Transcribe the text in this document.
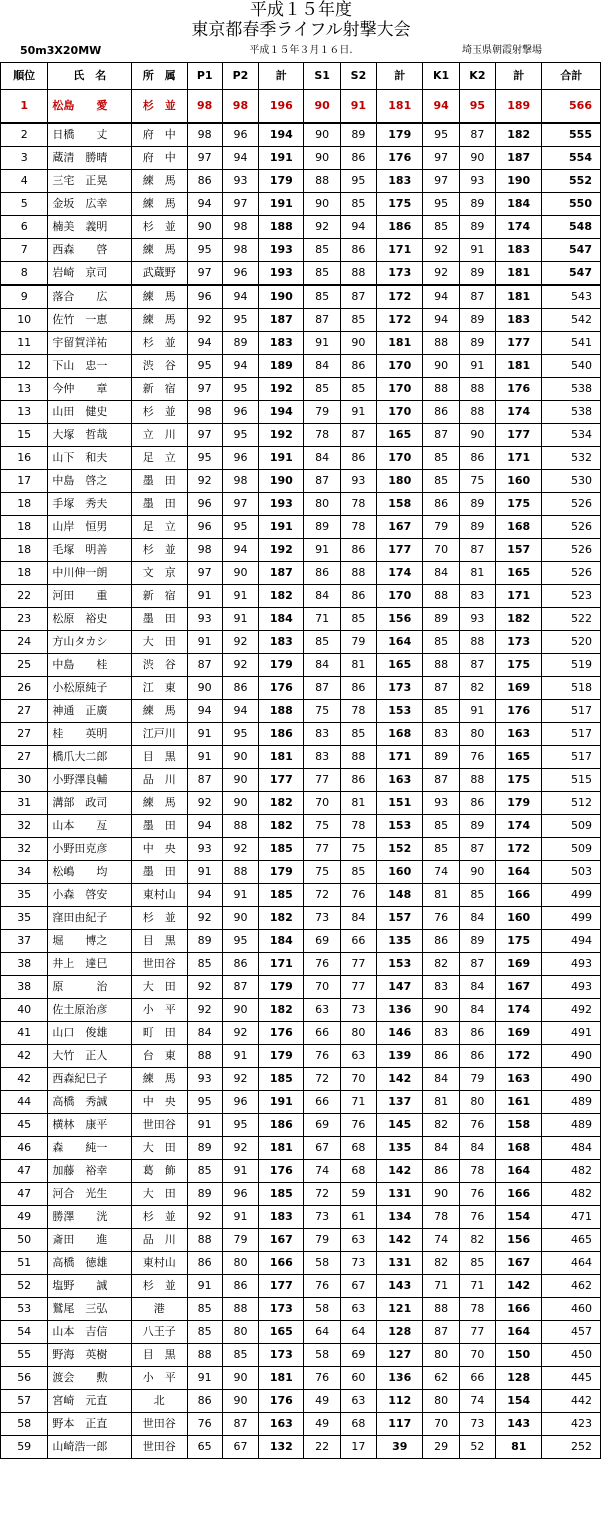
平成１５年度
東京都春季ライフル射撃大会
50m3X20MW	平成１５年３月１６日.	埼玉県朝霞射撃場
順位	氏　名	所　属	P1	P2	計	S1	S2	計	K1	K2	計	合計
1	松島　　愛	杉　並	98	98	196	90	91	181	94	95	189	566
2	日橋　　丈	府　中	98	96	194	90	89	179	95	87	182	555
3	蔵清　勝晴	府　中	97	94	191	90	86	176	97	90	187	554
4	三宅　正晃	練　馬	86	93	179	88	95	183	97	93	190	552
5	金坂　広幸	練　馬	94	97	191	90	85	175	95	89	184	550
6	楠美　義明	杉　並	90	98	188	92	94	186	85	89	174	548
7	西森　　啓	練　馬	95	98	193	85	86	171	92	91	183	547
8	岩崎　京司	武蔵野	97	96	193	85	88	173	92	89	181	547
9	落合　　広	練　馬	96	94	190	85	87	172	94	87	181	543
10	佐竹　一恵	練　馬	92	95	187	87	85	172	94	89	183	542
11	宇留賀洋祐	杉　並	94	89	183	91	90	181	88	89	177	541
12	下山　忠一	渋　谷	95	94	189	84	86	170	90	91	181	540
13	今仲　　章	新　宿	97	95	192	85	85	170	88	88	176	538
13	山田　健史	杉　並	98	96	194	79	91	170	86	88	174	538
15	大塚　哲哉	立　川	97	95	192	78	87	165	87	90	177	534
16	山下　和夫	足　立	95	96	191	84	86	170	85	86	171	532
17	中島　啓之	墨　田	92	98	190	87	93	180	85	75	160	530
18	手塚　秀夫	墨　田	96	97	193	80	78	158	86	89	175	526
18	山岸　恒男	足　立	96	95	191	89	78	167	79	89	168	526
18	毛塚　明善	杉　並	98	94	192	91	86	177	70	87	157	526
18	中川伸一朗	文　京	97	90	187	86	88	174	84	81	165	526
22	河田　　重	新　宿	91	91	182	84	86	170	88	83	171	523
23	松原　裕史	墨　田	93	91	184	71	85	156	89	93	182	522
24	方山タカシ	大　田	91	92	183	85	79	164	85	88	173	520
25	中島　　桂	渋　谷	87	92	179	84	81	165	88	87	175	519
26	小松原純子	江　東	90	86	176	87	86	173	87	82	169	518
27	神通　正廣	練　馬	94	94	188	75	78	153	85	91	176	517
27	桂　　英明	江戸川	91	95	186	83	85	168	83	80	163	517
27	橋爪大二郎	目　黒	91	90	181	83	88	171	89	76	165	517
30	小野澤良輔	品　川	87	90	177	77	86	163	87	88	175	515
31	溝部　政司	練　馬	92	90	182	70	81	151	93	86	179	512
32	山本　　亙	墨　田	94	88	182	75	78	153	85	89	174	509
32	小野田克彦	中　央	93	92	185	77	75	152	85	87	172	509
34	松嶋　　均	墨　田	91	88	179	75	85	160	74	90	164	503
35	小森　啓安	東村山	94	91	185	72	76	148	81	85	166	499
35	窪田由紀子	杉　並	92	90	182	73	84	157	76	84	160	499
37	堀　　博之	目　黒	89	95	184	69	66	135	86	89	175	494
38	井上　達巳	世田谷	85	86	171	76	77	153	82	87	169	493
38	原　　　治	大　田	92	87	179	70	77	147	83	84	167	493
40	佐土原治彦	小　平	92	90	182	63	73	136	90	84	174	492
41	山口　俊雄	町　田	84	92	176	66	80	146	83	86	169	491
42	大竹　正人	台　東	88	91	179	76	63	139	86	86	172	490
42	西森紀巳子	練　馬	93	92	185	72	70	142	84	79	163	490
44	高橋　秀誠	中　央	95	96	191	66	71	137	81	80	161	489
45	横林　康平	世田谷	91	95	186	69	76	145	82	76	158	489
46	森　　純一	大　田	89	92	181	67	68	135	84	84	168	484
47	加藤　裕幸	葛　飾	85	91	176	74	68	142	86	78	164	482
47	河合　光生	大　田	89	96	185	72	59	131	90	76	166	482
49	勝澤　　洸	杉　並	92	91	183	73	61	134	78	76	154	471
50	斎田　　進	品　川	88	79	167	79	63	142	74	82	156	465
51	高橋　徳雄	東村山	86	80	166	58	73	131	82	85	167	464
52	塩野　　誠	杉　並	91	86	177	76	67	143	71	71	142	462
53	鷲尾　三弘	港	85	88	173	58	63	121	88	78	166	460
54	山本　吉信	八王子	85	80	165	64	64	128	87	77	164	457
55	野海　英樹	目　黒	88	85	173	58	69	127	80	70	150	450
56	渡会　　勲	小　平	91	90	181	76	60	136	62	66	128	445
57	宮崎　元直	北	86	90	176	49	63	112	80	74	154	442
58	野本　正直	世田谷	76	87	163	49	68	117	70	73	143	423
59	山崎浩一郎	世田谷	65	67	132	22	17	39	29	52	81	252
